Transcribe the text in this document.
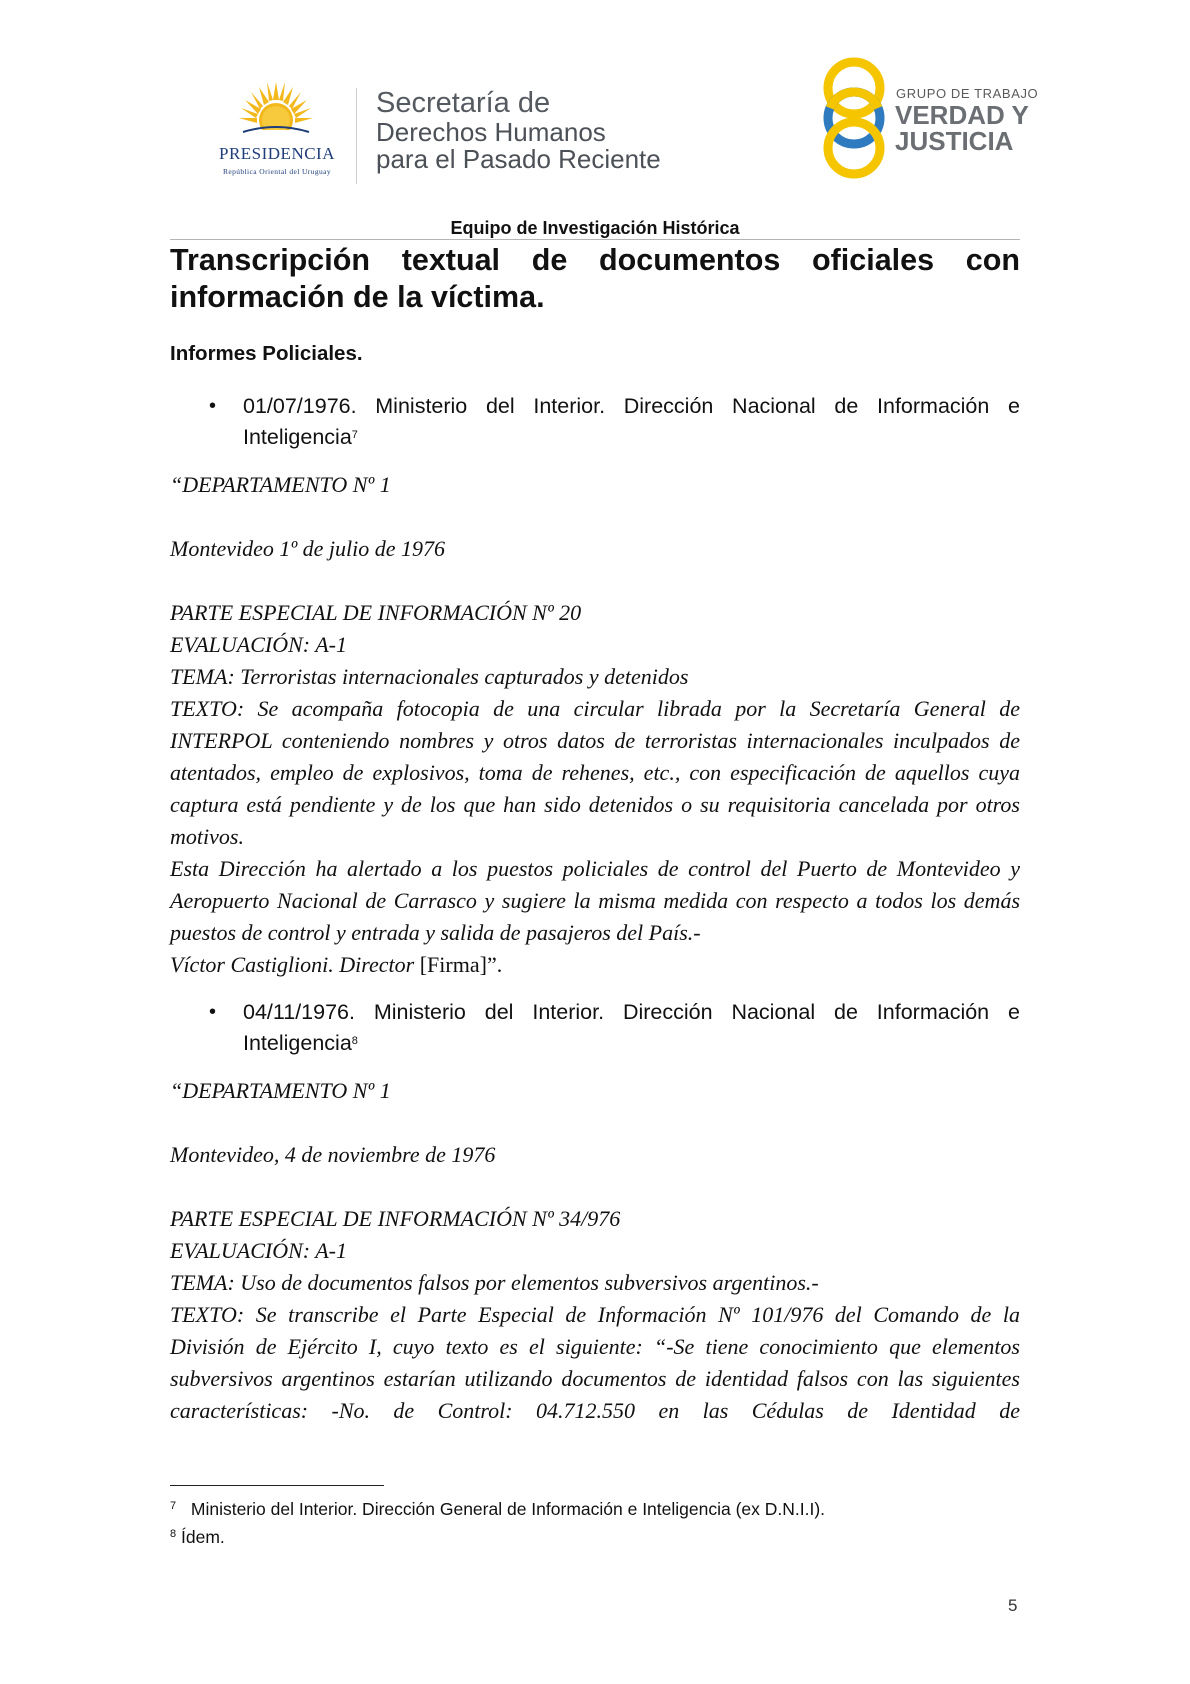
PRESIDENCIA
República Oriental del Uruguay
Secretaría de
Derechos Humanos
para el Pasado Reciente
GRUPO DE TRABAJO
VERDAD Y
JUSTICIA
Equipo de Investigación Histórica
Transcripción textual de documentos oficiales con información de la víctima.
Informes Policiales.
• 01/07/1976. Ministerio del Interior. Dirección Nacional de Información e Inteligencia$^7$

“DEPARTAMENTO Nº 1

Montevideo 1º de julio de 1976

PARTE ESPECIAL DE INFORMACIÓN Nº 20

EVALUACIÓN: A-1

TEMA: Terroristas internacionales capturados y detenidos

TEXTO: Se acompaña fotocopia de una circular librada por la Secretaría General de INTERPOL conteniendo nombres y otros datos de terroristas internacionales inculpados de atentados, empleo de explosivos, toma de rehenes, etc., con especificación de aquellos cuya captura está pendiente y de los que han sido detenidos o su requisitoria cancelada por otros motivos.

Esta Dirección ha alertado a los puestos policiales de control del Puerto de Montevideo y Aeropuerto Nacional de Carrasco y sugiere la misma medida con respecto a todos los demás puestos de control y entrada y salida de pasajeros del País.-

Víctor Castiglioni. Director [Firma]”.

• 04/11/1976. Ministerio del Interior. Dirección Nacional de Información e Inteligencia$^8$

“DEPARTAMENTO Nº 1

Montevideo, 4 de noviembre de 1976

PARTE ESPECIAL DE INFORMACIÓN Nº 34/976

EVALUACIÓN: A-1

TEMA: Uso de documentos falsos por elementos subversivos argentinos.-

TEXTO: Se transcribe el Parte Especial de Información Nº 101/976 del Comando de la División de Ejército I, cuyo texto es el siguiente: “-Se tiene conocimiento que elementos subversivos argentinos estarían utilizando documentos de identidad falsos con las siguientes características: -No. de Control: 04.712.550 en las Cédulas de Identidad de

$^7$ Ministerio del Interior. Dirección General de Información e Inteligencia (ex D.N.I.I).
$^8$ Ídem.
5
